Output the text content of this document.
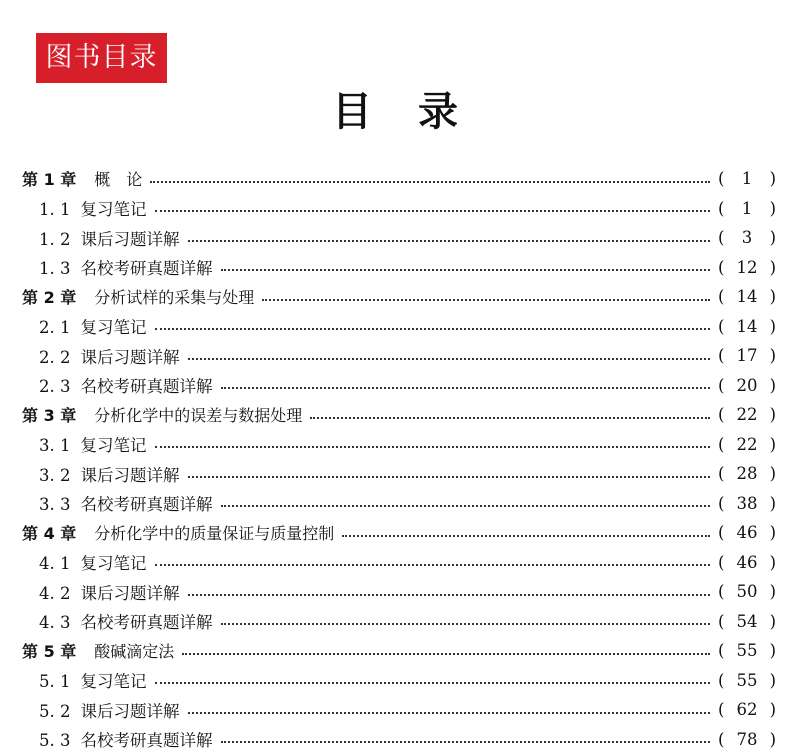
图书目录
目 录
第 1 章 概　论	(	1	)
1. 1 复习笔记	(	1	)
1. 2 课后习题详解	(	3	)
1. 3 名校考研真题详解	( 12 )
第 2 章 分析试样的采集与处理	( 14 )
2. 1 复习笔记	( 14 )
2. 2 课后习题详解	( 17 )
2. 3 名校考研真题详解	( 20 )
第 3 章 分析化学中的误差与数据处理	( 22 )
3. 1 复习笔记	( 22 )
3. 2 课后习题详解	( 28 )
3. 3 名校考研真题详解	( 38 )
第 4 章 分析化学中的质量保证与质量控制	( 46 )
4. 1 复习笔记	( 46 )
4. 2 课后习题详解	( 50 )
4. 3 名校考研真题详解	( 54 )
第 5 章 酸碱滴定法	( 55 )
5. 1 复习笔记	( 55 )
5. 2 课后习题详解	( 62 )
5. 3 名校考研真题详解	( 78 )
